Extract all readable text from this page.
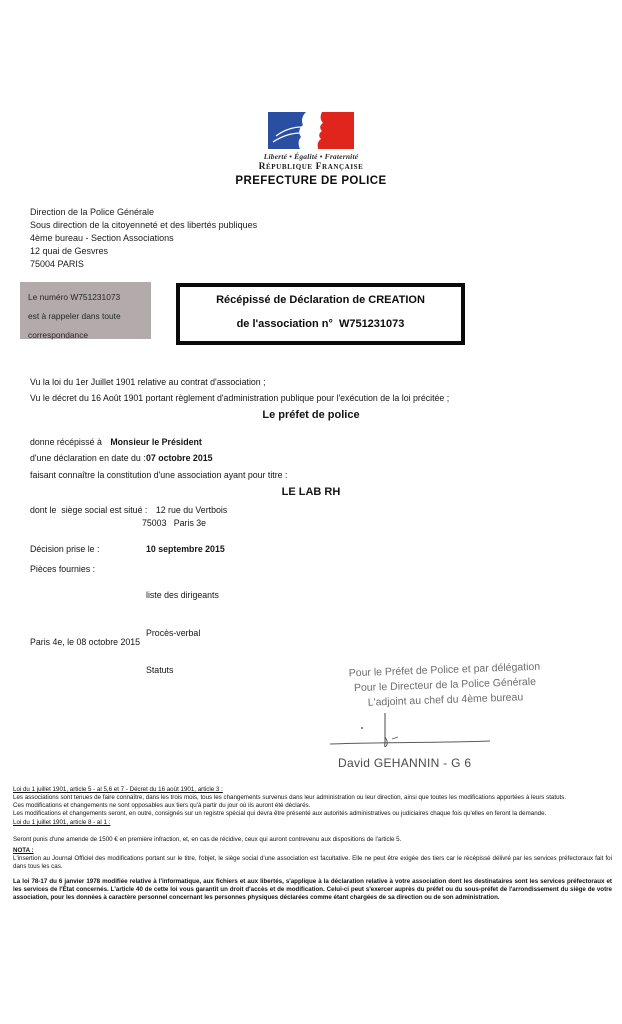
Liberté • Égalité • Fraternité
République Française
PREFECTURE DE POLICE
Direction de la Police Générale
Sous direction de la citoyenneté et des libertés publiques
4ème bureau - Section Associations
12 quai de Gesvres
75004 PARIS
Le numéro W751231073
est à rappeler dans toute
correspondance
Récépissé de Déclaration de CREATION
de l'association n°  W751231073
Vu la loi du 1er Juillet 1901 relative au contrat d'association ;
Vu le décret du 16 Août 1901 portant règlement d'administration publique pour l'exécution de la loi précitée ;
Le préfet de police
donne récépissé à Monsieur le Président
d'une déclaration en date du : 07 octobre 2015
faisant connaître la constitution d'une association ayant pour titre :
LE LAB RH
dont le  siège social est situé : 12 rue du Vertbois
75003   Paris 3e
Décision prise le :	10 septembre 2015
Pièces fournies :

liste des dirigeants

Procès-verbal

Statuts

Paris 4e, le 08 octobre 2015
Pour le Préfet de Police et par délégation
Pour le Directeur de la Police Générale
L'adjoint au chef du 4ème bureau
David GEHANNIN - G 6
Loi du 1 juillet 1901, article 5 - al 5,6 et 7 - Décret du 16 août 1901, article 3 :
Les associations sont tenues de faire connaître, dans les trois mois, tous les changements survenus dans leur administration ou leur direction, ainsi que toutes les modifications apportées à leurs statuts.
Ces modifications et changements ne sont opposables aux tiers qu'à partir du jour où ils auront été déclarés.
Les modifications et changements seront, en outre, consignés sur un registre spécial qui devra être présenté aux autorités administratives ou judiciaires chaque fois qu'elles en feront la demande.
Loi du 1 juillet 1901, article 8 - al 1 :
Seront punis d'une amende de 1500 € en première infraction, et, en cas de récidive, ceux qui auront contrevenu aux dispositions de l'article 5.
NOTA :
L'insertion au Journal Officiel des modifications portant sur le titre, l'objet, le siège social d'une association est facultative. Elle ne peut être exigée des tiers car le récépissé délivré par les services préfectoraux fait foi dans tous les cas.
La loi 78-17 du 6 janvier 1978 modifiée relative à l'informatique, aux fichiers et aux libertés, s'applique à la déclaration relative à votre association dont les destinataires sont les services préfectoraux et les services de l'État concernés. L'article 40 de cette loi vous garantit un droit d'accès et de modification. Celui-ci peut s'exercer auprès du préfet ou du sous-préfet de l'arrondissement du siège de votre association, pour les données à caractère personnel concernant les personnes physiques déclarées comme étant chargées de sa direction ou de son administration.
